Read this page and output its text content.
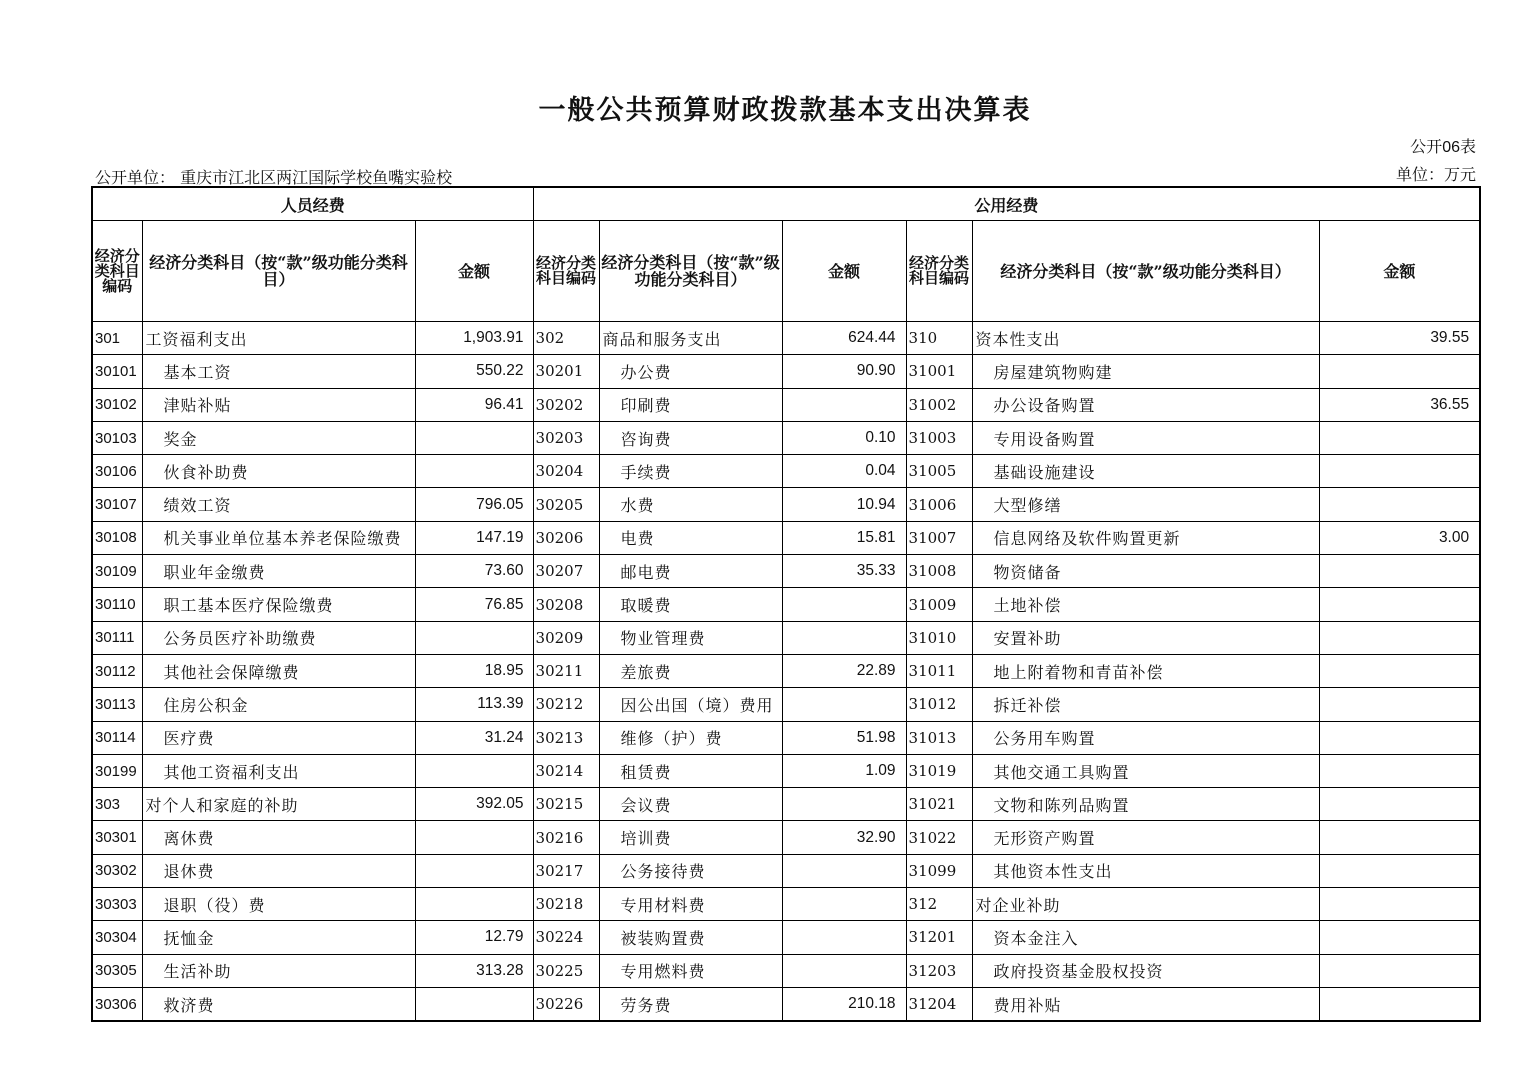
一般公共预算财政拨款基本支出决算表
公开06表
公开单位： 重庆市江北区两江国际学校鱼嘴实验校	单位：万元
人员经费			公用经费					
经济分类科目编码	经济分类科目（按“款”级功能分类科目）	金额	经济分类科目编码	经济分类科目（按“款”级功能分类科目）	金额	经济分类科目编码	经济分类科目（按“款”级功能分类科目）	金额
301	工资福利支出	1,903.91	302	商品和服务支出	624.44	310	资本性支出	39.55
30101	基本工资	550.22	30201	办公费	90.90	31001	房屋建筑物购建	
30102	津贴补贴	96.41	30202	印刷费		31002	办公设备购置	36.55
30103	奖金		30203	咨询费	0.10	31003	专用设备购置	
30106	伙食补助费		30204	手续费	0.04	31005	基础设施建设	
30107	绩效工资	796.05	30205	水费	10.94	31006	大型修缮	
30108	机关事业单位基本养老保险缴费	147.19	30206	电费	15.81	31007	信息网络及软件购置更新	3.00
30109	职业年金缴费	73.60	30207	邮电费	35.33	31008	物资储备	
30110	职工基本医疗保险缴费	76.85	30208	取暖费		31009	土地补偿	
30111	公务员医疗补助缴费		30209	物业管理费		31010	安置补助	
30112	其他社会保障缴费	18.95	30211	差旅费	22.89	31011	地上附着物和青苗补偿	
30113	住房公积金	113.39	30212	因公出国（境）费用		31012	拆迁补偿	
30114	医疗费	31.24	30213	维修（护）费	51.98	31013	公务用车购置	
30199	其他工资福利支出		30214	租赁费	1.09	31019	其他交通工具购置	
303	对个人和家庭的补助	392.05	30215	会议费		31021	文物和陈列品购置	
30301	离休费		30216	培训费	32.90	31022	无形资产购置	
30302	退休费		30217	公务接待费		31099	其他资本性支出	
30303	退职（役）费		30218	专用材料费		312	对企业补助	
30304	抚恤金	12.79	30224	被装购置费		31201	资本金注入	
30305	生活补助	313.28	30225	专用燃料费		31203	政府投资基金股权投资	
30306	救济费		30226	劳务费	210.18	31204	费用补贴	
